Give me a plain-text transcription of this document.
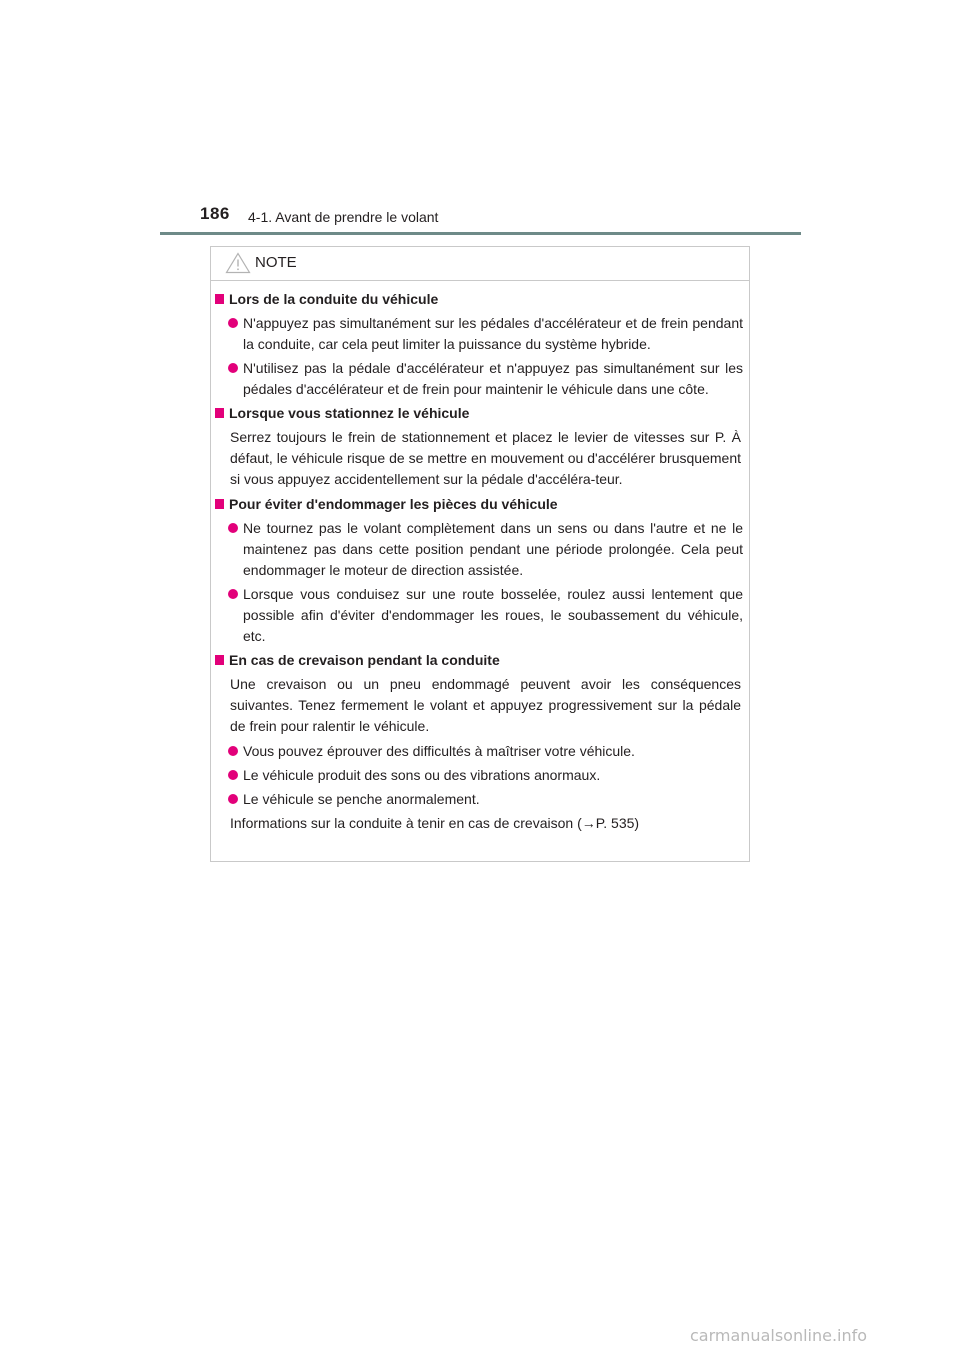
186 4-1. Avant de prendre le volant
NOTE
Lors de la conduite du véhicule
N'appuyez pas simultanément sur les pédales d'accélérateur et de frein pendant la conduite, car cela peut limiter la puissance du système hybride.
N'utilisez pas la pédale d'accélérateur et n'appuyez pas simultanément sur les pédales d'accélérateur et de frein pour maintenir le véhicule dans une côte.
Lorsque vous stationnez le véhicule
Serrez toujours le frein de stationnement et placez le levier de vitesses sur P. À défaut, le véhicule risque de se mettre en mouvement ou d'accélérer brusquement si vous appuyez accidentellement sur la pédale d'accéléra-teur.
Pour éviter d'endommager les pièces du véhicule
Ne tournez pas le volant complètement dans un sens ou dans l'autre et ne le maintenez pas dans cette position pendant une période prolongée. Cela peut endommager le moteur de direction assistée.
Lorsque vous conduisez sur une route bosselée, roulez aussi lentement que possible afin d'éviter d'endommager les roues, le soubassement du véhicule, etc.
En cas de crevaison pendant la conduite
Une crevaison ou un pneu endommagé peuvent avoir les conséquences suivantes. Tenez fermement le volant et appuyez progressivement sur la pédale de frein pour ralentir le véhicule.
Vous pouvez éprouver des difficultés à maîtriser votre véhicule.
Le véhicule produit des sons ou des vibrations anormaux.
Le véhicule se penche anormalement.
Informations sur la conduite à tenir en cas de crevaison (→P. 535)
carmanualsonline.info
